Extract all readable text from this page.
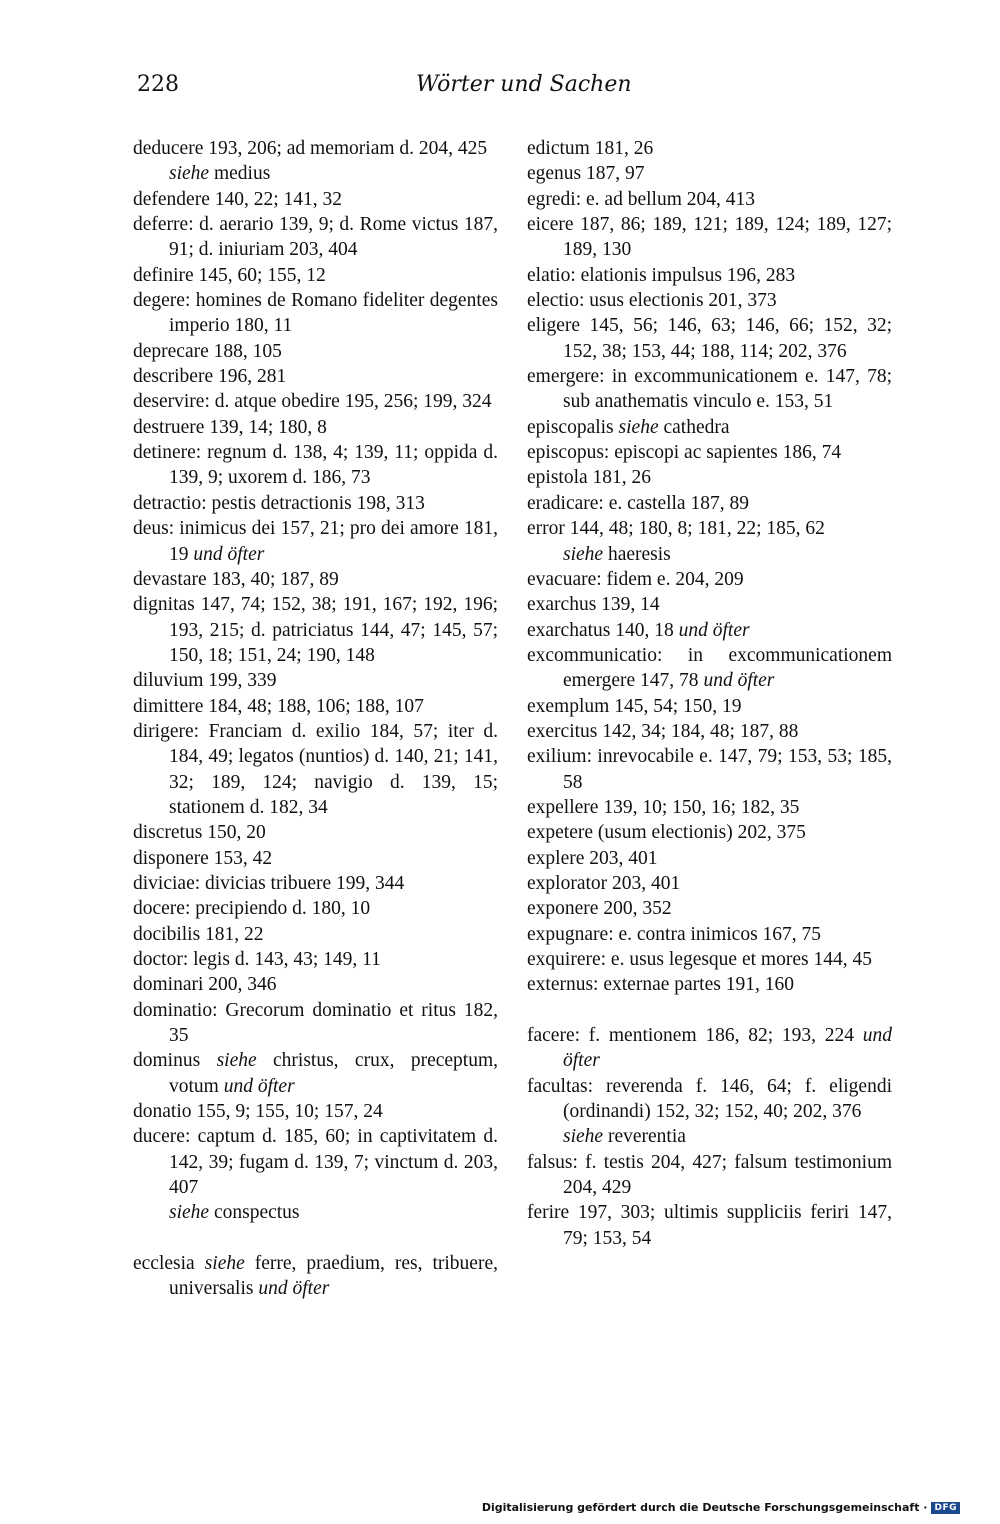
228	Wörter und Sachen
deducere 193, 206; ad memoriam d. 204, 425
siehe medius
defendere 140, 22; 141, 32
deferre: d. aerario 139, 9; d. Rome victus 187, 91; d. iniuriam 203, 404
definire 145, 60; 155, 12
degere: homines de Romano fideliter degentes imperio 180, 11
deprecare 188, 105
describere 196, 281
deservire: d. atque obedire 195, 256; 199, 324
destruere 139, 14; 180, 8
detinere: regnum d. 138, 4; 139, 11; oppida d. 139, 9; uxorem d. 186, 73
detractio: pestis detractionis 198, 313
deus: inimicus dei 157, 21; pro dei amore 181, 19 und öfter
devastare 183, 40; 187, 89
dignitas 147, 74; 152, 38; 191, 167; 192, 196; 193, 215; d. patriciatus 144, 47; 145, 57; 150, 18; 151, 24; 190, 148
diluvium 199, 339
dimittere 184, 48; 188, 106; 188, 107
dirigere: Franciam d. exilio 184, 57; iter d. 184, 49; legatos (nuntios) d. 140, 21; 141, 32; 189, 124; navigio d. 139, 15; stationem d. 182, 34
discretus 150, 20
disponere 153, 42
diviciae: divicias tribuere 199, 344
docere: precipiendo d. 180, 10
docibilis 181, 22
doctor: legis d. 143, 43; 149, 11
dominari 200, 346
dominatio: Grecorum dominatio et ritus 182, 35
dominus siehe christus, crux, preceptum, votum und öfter
donatio 155, 9; 155, 10; 157, 24
ducere: captum d. 185, 60; in captivitatem d. 142, 39; fugam d. 139, 7; vinctum d. 203, 407
siehe conspectus
ecclesia siehe ferre, praedium, res, tribuere, universalis und öfter
edictum 181, 26
egenus 187, 97
egredi: e. ad bellum 204, 413
eicere 187, 86; 189, 121; 189, 124; 189, 127; 189, 130
elatio: elationis impulsus 196, 283
electio: usus electionis 201, 373
eligere 145, 56; 146, 63; 146, 66; 152, 32; 152, 38; 153, 44; 188, 114; 202, 376
emergere: in excommunicationem e. 147, 78; sub anathematis vinculo e. 153, 51
episcopalis siehe cathedra
episcopus: episcopi ac sapientes 186, 74
epistola 181, 26
eradicare: e. castella 187, 89
error 144, 48; 180, 8; 181, 22; 185, 62
siehe haeresis
evacuare: fidem e. 204, 209
exarchus 139, 14
exarchatus 140, 18 und öfter
excommunicatio: in excommunicationem emergere 147, 78 und öfter
exemplum 145, 54; 150, 19
exercitus 142, 34; 184, 48; 187, 88
exilium: inrevocabile e. 147, 79; 153, 53; 185, 58
expellere 139, 10; 150, 16; 182, 35
expetere (usum electionis) 202, 375
explere 203, 401
explorator 203, 401
exponere 200, 352
expugnare: e. contra inimicos 167, 75
exquirere: e. usus legesque et mores 144, 45
externus: externae partes 191, 160
facere: f. mentionem 186, 82; 193, 224 und öfter
facultas: reverenda f. 146, 64; f. eligendi (ordinandi) 152, 32; 152, 40; 202, 376
siehe reverentia
falsus: f. testis 204, 427; falsum testimonium 204, 429
ferire 197, 303; ultimis suppliciis feriri 147, 79; 153, 54
Digitalisierung gefördert durch die Deutsche Forschungsgemeinschaft · DFG
